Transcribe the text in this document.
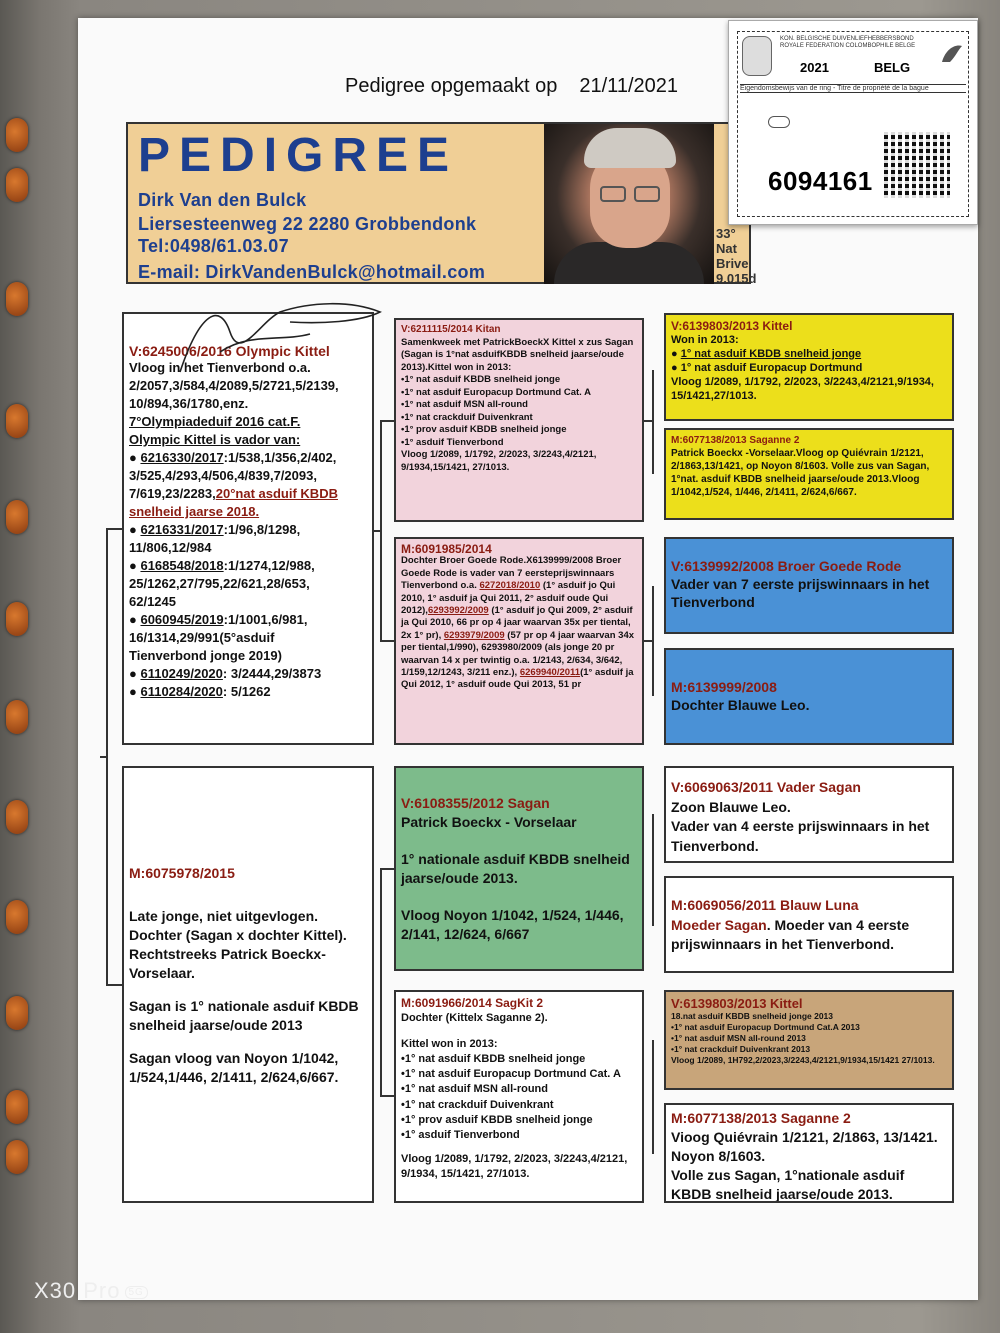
Pedigree opgemaakt op 21/11/2021
PEDIGREE
Dirk Van den Bulck
Liersesteenweg 22 2280 Grobbendonk
Tel:0498/61.03.07
E-mail: DirkVandenBulck@hotmail.com
33° Nat Brive 9.015d
KON. BELGISCHE DUIVENLIEFHEBBERSBOND
ROYALE FEDERATION COLOMBOPHILE BELGE
2021	BELG
Eigendomsbewijs van de ring - Titre de propriété de la bague
6094161
V:6245006/2016 Olympic Kittel
Vloog in het Tienverbond o.a.
2/2057,3/584,4/2089,5/2721,5/2139,
10/894,36/1780,enz.
7°Olympiadeduif 2016 cat.F.
Olympic Kittel is vador van:
● 6216330/2017:1/538,1/356,2/402,
3/525,4/293,4/506,4/839,7/2093,
7/619,23/2283,20°nat asduif KBDB snelheid jaarse 2018.
● 6216331/2017:1/96,8/1298,
11/806,12/984
● 6168548/2018:1/1274,12/988,
25/1262,27/795,22/621,28/653,
62/1245
● 6060945/2019:1/1001,6/981,
16/1314,29/991(5°asduif
Tienverbond jonge 2019)
● 6110249/2020: 3/2444,29/3873
● 6110284/2020: 5/1262
V:6211115/2014 Kitan
Samenkweek met PatrickBoeckX Kittel x zus Sagan (Sagan is 1°nat asduifKBDB snelheid jaarse/oude 2013).Kittel won in 2013:
• 1° nat asduif KBDB snelheid jonge
• 1° nat asduif Europacup Dortmund Cat. A
• 1° nat asduif MSN all-round
• 1° nat crackduif Duivenkrant
• 1° prov asduif KBDB snelheid jonge
• 1° asduif Tienverbond
Vloog 1/2089, 1/1792, 2/2023, 3/2243,4/2121, 9/1934,15/1421, 27/1013.
M:6091985/2014
Dochter Broer Goede Rode.X6139999/2008 Broer Goede Rode is vader van 7 eersteprijswinnaars Tienverbond o.a. 6272018/2010 (1° asduif jo Qui 2010, 1° asduif ja Qui 2011, 2° asduif oude Qui 2012),6293992/2009 (1° asduif jo Qui 2009, 2° asduif ja Qui 2010, 66 pr op 4 jaar waarvan 35x per tiental, 2x 1° pr), 6293979/2009 (57 pr op 4 jaar waarvan 34x per tiental,1/990), 6293980/2009 (als jonge 20 pr waarvan 14 x per twintig o.a. 1/2143, 2/634, 3/642, 1/159,12/1243, 3/211 enz.), 6269940/2011(1° asduif ja Qui 2012, 1° asduif oude Qui 2013, 51 pr
V:6139803/2013 Kittel
Won in 2013:
● 1° nat asduif KBDB snelheid jonge
● 1° nat asduif Europacup Dortmund
Vloog 1/2089, 1/1792, 2/2023, 3/2243,4/2121,9/1934, 15/1421,27/1013.
M:6077138/2013 Saganne 2
Patrick Boeckx -Vorselaar.Vloog op Quiévrain 1/2121, 2/1863,13/1421, op Noyon 8/1603. Volle zus van Sagan, 1°nat. asduif KBDB snelheid jaarse/oude 2013.Vloog 1/1042,1/524, 1/446, 2/1411, 2/624,6/667.
V:6139992/2008 Broer Goede Rode
Vader van 7 eerste prijswinnaars in het Tienverbond
M:6139999/2008
Dochter Blauwe Leo.
M:6075978/2015
Late jonge, niet uitgevlogen. Dochter (Sagan x dochter Kittel). Rechtstreeks Patrick Boeckx-Vorselaar.
Sagan is 1° nationale asduif KBDB snelheid jaarse/oude 2013
Sagan vloog van Noyon 1/1042, 1/524,1/446, 2/1411, 2/624,6/667.
V:6108355/2012 Sagan
Patrick Boeckx - Vorselaar
1° nationale asduif KBDB snelheid jaarse/oude 2013.
Vloog Noyon 1/1042, 1/524, 1/446, 2/141, 12/624, 6/667
M:6091966/2014 SagKit 2
Dochter (Kittelx Saganne 2).
Kittel won in 2013:
• 1° nat asduif KBDB snelheid jonge
• 1° nat asduif Europacup Dortmund Cat. A
• 1° nat asduif MSN all-round
• 1° nat crackduif Duivenkrant
• 1° prov asduif KBDB snelheid jonge
• 1° asduif Tienverbond
Vloog 1/2089, 1/1792, 2/2023, 3/2243,4/2121, 9/1934, 15/1421, 27/1013.
V:6069063/2011 Vader Sagan
Zoon Blauwe Leo.
Vader van 4 eerste prijswinnaars in het Tienverbond.
M:6069056/2011 Blauw Luna
Moeder Sagan. Moeder van 4 eerste prijswinnaars in het Tienverbond.
V:6139803/2013 Kittel
18.nat asduif KBDB snelheid jonge 2013
• 1° nat asduif Europacup Dortmund Cat.A 2013
• 1° nat asduif MSN all-round 2013
• 1° nat crackduif Duivenkrant 2013
Vloog 1/2089, 1H792,2/2023,3/2243,4/2121,9/1934,15/1421 27/1013.
M:6077138/2013 Saganne 2
Vioog Quiévrain 1/2121, 2/1863, 13/1421.
Noyon 8/1603.
Volle zus Sagan, 1°nationale asduif KBDB snelheid jaarse/oude 2013.
X30 Pro 5G
